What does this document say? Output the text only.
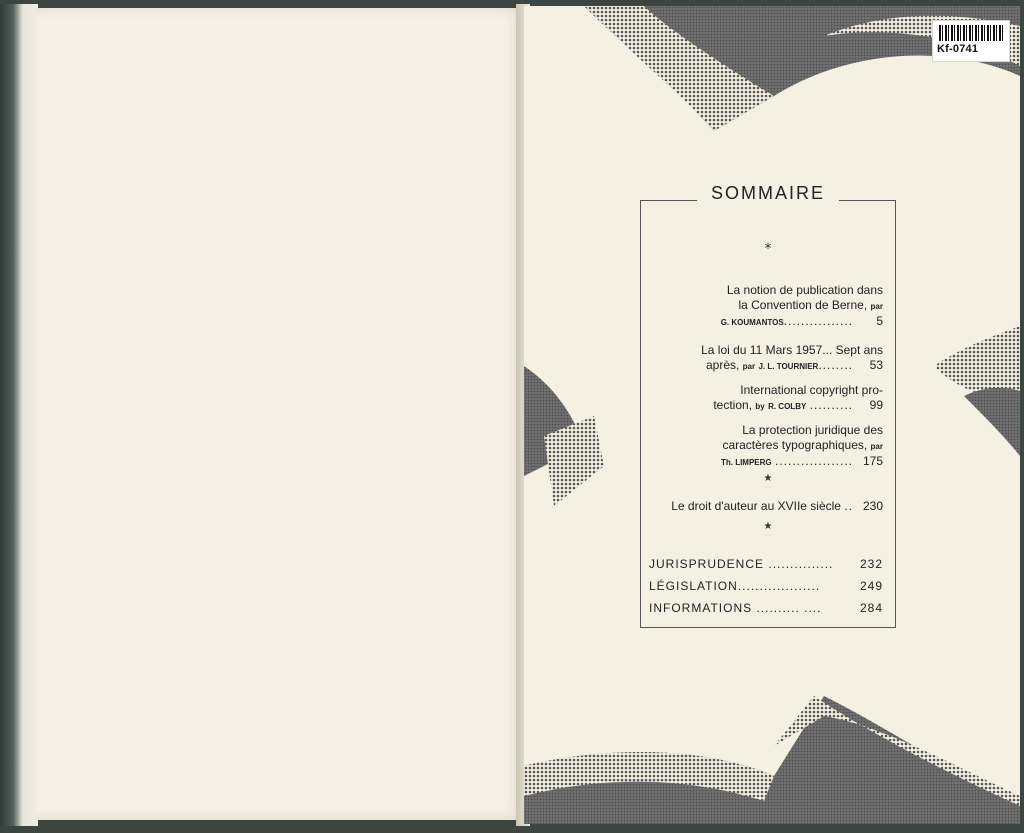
Kf-0741
SOMMAIRE
*
La notion de publication dans
la Convention de Berne, par
G. KOUMANTOS................ 5
La loi du 11 Mars 1957... Sept ans
après, par J. L. TOURNIER........ 53
International copyright pro-
tection, by R. COLBY .......... 99
La protection juridique des
caractères typographiques, par
Th. LIMPERG .................. 175
★
Le droit d'auteur au XVIIe siècle .. 230
★
JURISPRUDENCE ............... 232
LÉGISLATION...................	249
INFORMATIONS .......... ....	284
